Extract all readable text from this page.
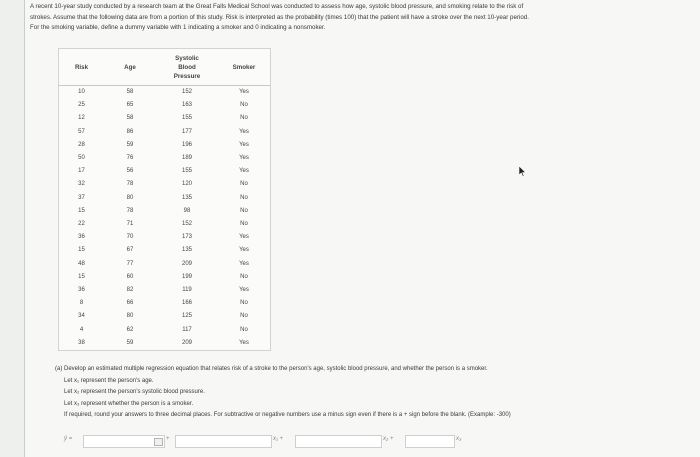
A recent 10-year study conducted by a research team at the Great Falls Medical School was conducted to assess how age, systolic blood pressure, and smoking relate to the risk of
strokes. Assume that the following data are from a portion of this study. Risk is interpreted as the probability (times 100) that the patient will have a stroke over the next 10-year period.
For the smoking variable, define a dummy variable with 1 indicating a smoker and 0 indicating a nonsmoker.
Risk	Age	Systolic
Blood
Pressure	Smoker
10	58	152	Yes
25	65	163	No
12	58	155	No
57	86	177	Yes
28	59	196	Yes
50	76	189	Yes
17	56	155	Yes
32	78	120	No
37	80	135	No
15	78	98	No
22	71	152	No
36	70	173	Yes
15	67	135	Yes
48	77	209	Yes
15	60	199	No
36	82	119	Yes
8	66	166	No
34	80	125	No
4	62	117	No
38	59	209	Yes
(a) Develop an estimated multiple regression equation that relates risk of a stroke to the person's age, systolic blood pressure, and whether the person is a smoker.
Let x₁ represent the person's age.
Let x₂ represent the person's systolic blood pressure.
Let x₃ represent whether the person is a smoker.
If required, round your answers to three decimal places. For subtractive or negative numbers use a minus sign even if there is a + sign before the blank. (Example: -300)
ŷ =	+	x₁ +	x₂ +	x₃
